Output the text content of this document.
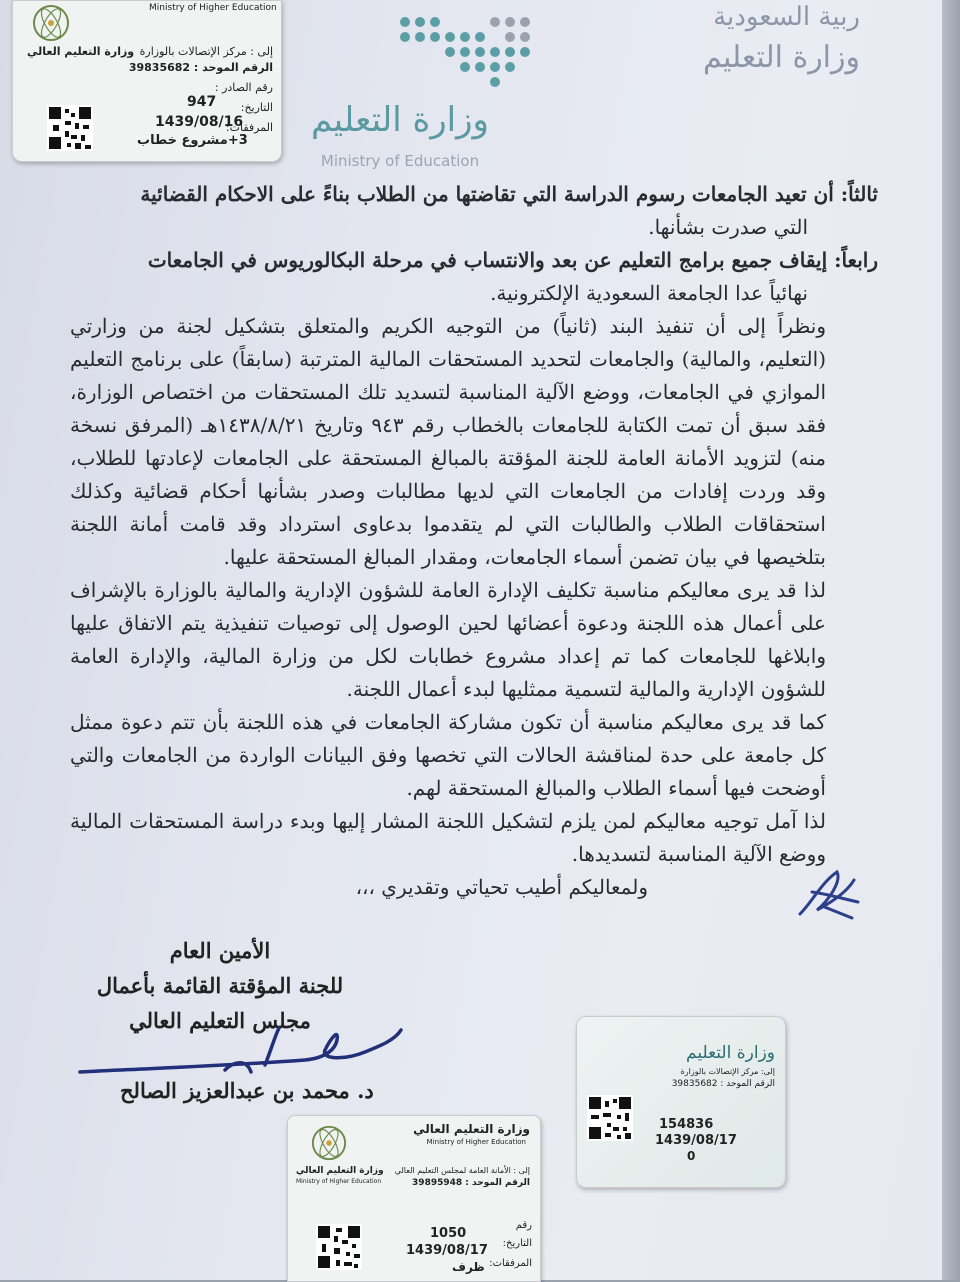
ربية السعودية
وزارة التعليم
وزارة التعليم
Ministry of Education
وزارة التعليم العالي
Ministry of Higher Education
إلى : مركز الإتصالات بالوزارة
الرقم الموحد : 39835682
رقم الصادر :
التاريخ:
المرفقات:
947
1439/08/16
3+مشروع خطاب

ثالثاً: أن تعيد الجامعات رسوم الدراسة التي تقاضتها من الطلاب بناءً على الاحكام القضائية

التي صدرت بشأنها.

رابعاً: إيقاف جميع برامج التعليم عن بعد والانتساب في مرحلة البكالوريوس في الجامعات

نهائياً عدا الجامعة السعودية الإلكترونية.

ونظراً إلى أن تنفيذ البند (ثانياً) من التوجيه الكريم والمتعلق بتشكيل لجنة من وزارتي (التعليم، والمالية) والجامعات لتحديد المستحقات المالية المترتبة (سابقاً) على برنامج التعليم الموازي في الجامعات، ووضع الآلية المناسبة لتسديد تلك المستحقات من اختصاص الوزارة، فقد سبق أن تمت الكتابة للجامعات بالخطاب رقم ٩٤٣ وتاريخ ١٤٣٨/٨/٢١هـ (المرفق نسخة منه) لتزويد الأمانة العامة للجنة المؤقتة بالمبالغ المستحقة على الجامعات لإعادتها للطلاب، وقد وردت إفادات من الجامعات التي لديها مطالبات وصدر بشأنها أحكام قضائية وكذلك استحقاقات الطلاب والطالبات التي لم يتقدموا بدعاوى استرداد وقد قامت أمانة اللجنة بتلخيصها في بيان تضمن أسماء الجامعات، ومقدار المبالغ المستحقة عليها.

لذا قد يرى معاليكم مناسبة تكليف الإدارة العامة للشؤون الإدارية والمالية بالوزارة بالإشراف على أعمال هذه اللجنة ودعوة أعضائها لحين الوصول إلى توصيات تنفيذية يتم الاتفاق عليها وابلاغها للجامعات كما تم إعداد مشروع خطابات لكل من وزارة المالية، والإدارة العامة للشؤون الإدارية والمالية لتسمية ممثليها لبدء أعمال اللجنة.

كما قد يرى معاليكم مناسبة أن تكون مشاركة الجامعات في هذه اللجنة بأن تتم دعوة ممثل كل جامعة على حدة لمناقشة الحالات التي تخصها وفق البيانات الواردة من الجامعات والتي أوضحت فيها أسماء الطلاب والمبالغ المستحقة لهم.

لذا آمل توجيه معاليكم لمن يلزم لتشكيل اللجنة المشار إليها وبدء دراسة المستحقات المالية ووضع الآلية المناسبة لتسديدها.

ولمعاليكم أطيب تحياتي وتقديري ،،،

الأمين العام
للجنة المؤقتة القائمة بأعمال
مجلس التعليم العالي
د. محمد بن عبدالعزيز الصالح
وزارة التعليم
إلى: مركز الإتصالات بالوزارة
الرقم الموحد : 39835682
154836
1439/08/17
0
وزارة التعليم العالي
Ministry of Higher Education
وزارة التعليم العالي
Ministry of Higher Education
إلى : الأمانة العامة لمجلس التعليم العالي
الرقم الموحد : 39895948
رقم
التاريخ:
المرفقات:
1050
1439/08/17
ظرف
